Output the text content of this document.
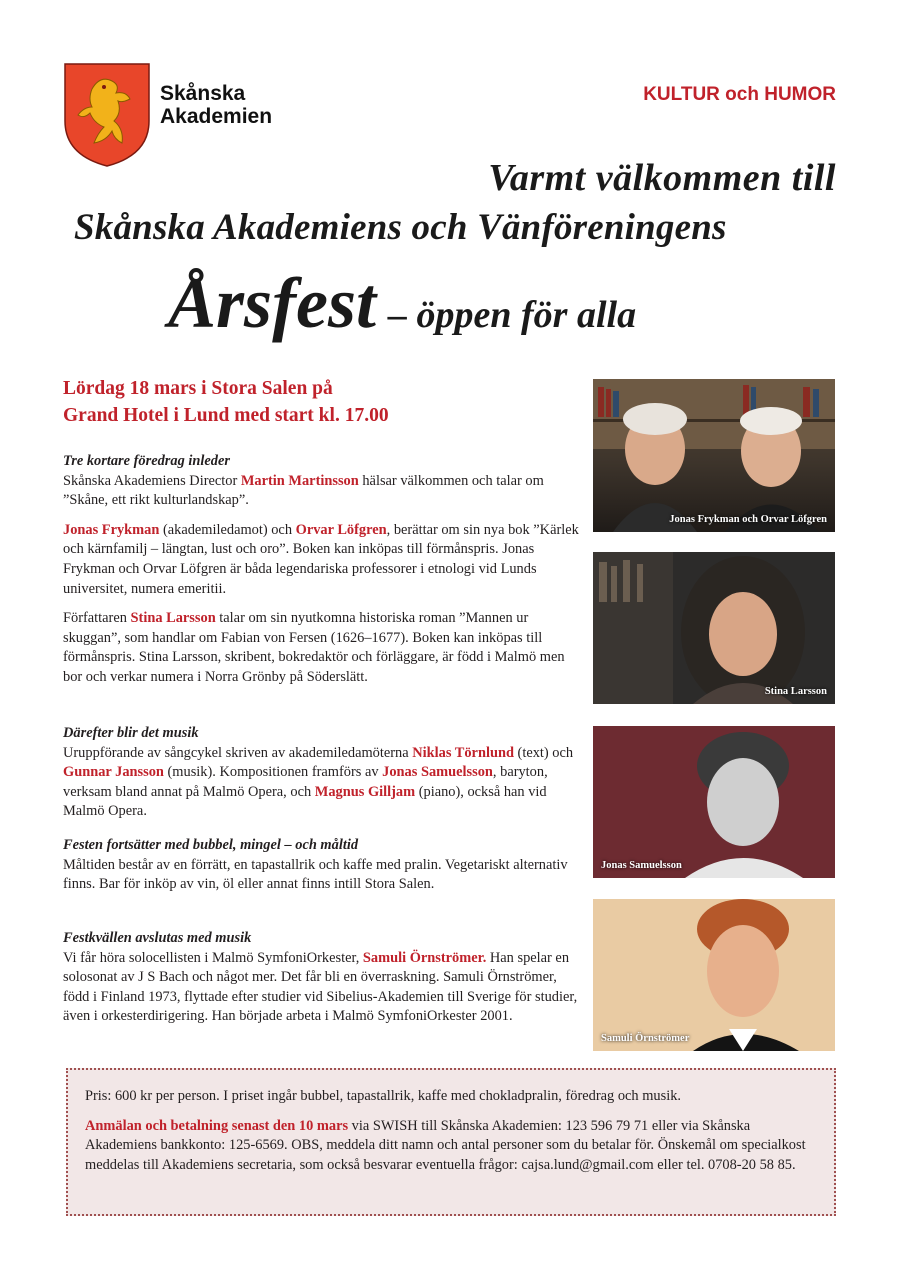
Skånska
Akademien
KULTUR och HUMOR
Varmt välkommen till
Skånska Akademiens och Vänföreningens
Årsfest – öppen för alla
Lördag 18 mars i Stora Salen på
Grand Hotel i Lund med start kl. 17.00

Tre kortare föredrag inleder

Skånska Akademiens Director Martin Martinsson hälsar välkommen och talar om ”Skåne, ett rikt kulturlandskap”.

Jonas Frykman (akademiledamot) och Orvar Löfgren, berättar om sin nya bok ”Kärlek och kärnfamilj – längtan, lust och oro”. Boken kan inköpas till förmånspris. Jonas Frykman och Orvar Löfgren är båda legendariska professorer i etnologi vid Lunds universitet, numera emeritii.

Författaren Stina Larsson talar om sin nyutkomna historiska roman ”Mannen ur skuggan”, som handlar om Fabian von Fersen (1626–1677). Boken kan inköpas till förmånspris. Stina Larsson, skribent, bokredaktör och förläggare, är född i Malmö men bor och verkar numera i Norra Grönby på Söderslätt.

Därefter blir det musik

Uruppförande av sångcykel skriven av akademiledamöterna Niklas Törnlund (text) och Gunnar Jansson (musik). Kompositionen framförs av Jonas Samuelsson, baryton, verksam bland annat på Malmö Opera, och Magnus Gilljam (piano), också han vid Malmö Opera.

Festen fortsätter med bubbel, mingel – och måltid

Måltiden består av en förrätt, en tapastallrik och kaffe med pralin. Vegetariskt alternativ finns. Bar för inköp av vin, öl eller annat finns intill Stora Salen.

Festkvällen avslutas med musik

Vi får höra solocellisten i Malmö SymfoniOrkester, Samuli Örnströmer. Han spelar en solosonat av J S Bach och något mer. Det får bli en överraskning. Samuli Örnströmer, född i Finland 1973, flyttade efter studier vid Sibelius-Akademien till Sverige för studier, även i orkesterdirigering. Han började arbeta i Malmö SymfoniOrkester 2001.

Jonas Frykman och Orvar Löfgren
Stina Larsson
Jonas Samuelsson
Samuli Örnströmer

Pris: 600 kr per person. I priset ingår bubbel, tapastallrik, kaffe med chokladpralin, föredrag och musik.

Anmälan och betalning senast den 10 mars via SWISH till Skånska Akademien: 123 596 79 71 eller via Skånska Akademiens bankkonto: 125-6569. OBS, meddela ditt namn och antal personer som du betalar för. Önskemål om specialkost meddelas till Akademiens secretaria, som också besvarar eventuella frågor: cajsa.lund@gmail.com eller tel. 0708-20 58 85.
